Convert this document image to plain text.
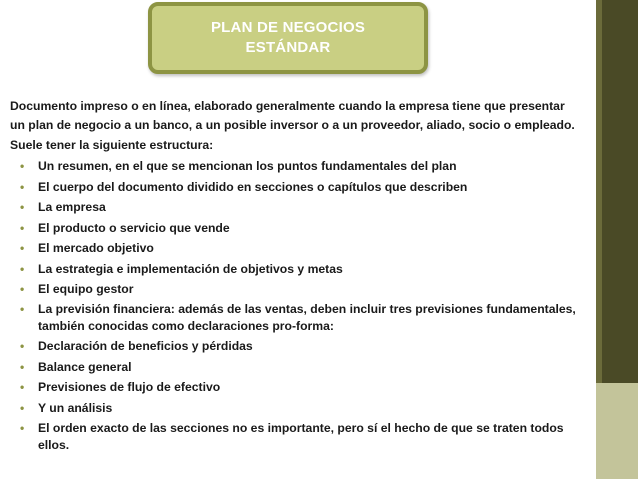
PLAN DE NEGOCIOS
ESTÁNDAR

Documento impreso o en línea, elaborado generalmente cuando la empresa tiene que presentar

un plan de negocio a un banco, a un posible inversor o a un proveedor, aliado, socio o empleado.

Suele tener la siguiente estructura:

• Un resumen, en el que se mencionan los puntos fundamentales del plan
• El cuerpo del documento dividido en secciones o capítulos que describen
• La empresa
• El producto o servicio que vende
• El mercado objetivo
• La estrategia e implementación de objetivos y metas
• El equipo gestor
• La previsión financiera: además de las ventas, deben incluir tres previsiones fundamentales, también conocidas como declaraciones pro-forma:
• Declaración de beneficios y pérdidas
• Balance general
• Previsiones de flujo de efectivo
• Y un análisis
• El orden exacto de las secciones no es importante, pero sí el hecho de que se traten todos ellos.
